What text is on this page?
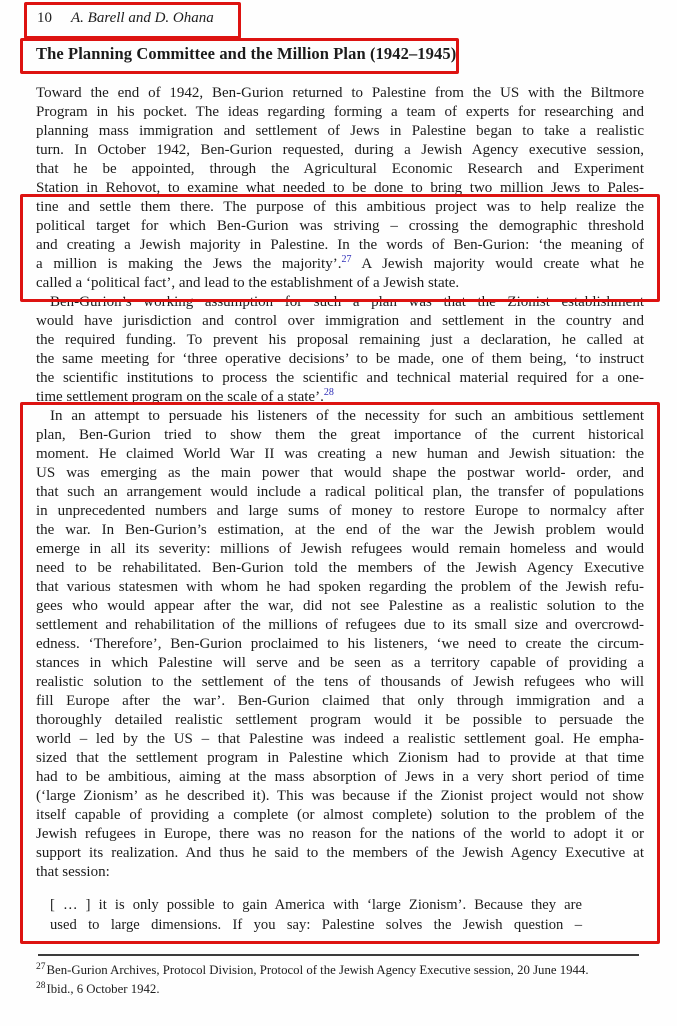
10 A. Barell and D. Ohana
The Planning Committee and the Million Plan (1942–1945)
Toward the end of 1942, Ben-Gurion returned to Palestine from the US with the Biltmore
Program in his pocket. The ideas regarding forming a team of experts for researching and
planning mass immigration and settlement of Jews in Palestine began to take a realistic
turn. In October 1942, Ben-Gurion requested, during a Jewish Agency executive session,
that he be appointed, through the Agricultural Economic Research and Experiment
Station in Rehovot, to examine what needed to be done to bring two million Jews to Pales-
tine and settle them there. The purpose of this ambitious project was to help realize the
political target for which Ben-Gurion was striving – crossing the demographic threshold
and creating a Jewish majority in Palestine. In the words of Ben-Gurion: ‘the meaning of
a million is making the Jews the majority’.$^{27}$ A Jewish majority would create what he
called a ‘political fact’, and lead to the establishment of a Jewish state.
Ben-Gurion’s working assumption for such a plan was that the Zionist establishment
would have jurisdiction and control over immigration and settlement in the country and
the required funding. To prevent his proposal remaining just a declaration, he called at
the same meeting for ‘three operative decisions’ to be made, one of them being, ‘to instruct
the scientific institutions to process the scientific and technical material required for a one-
time settlement program on the scale of a state’.$^{28}$
In an attempt to persuade his listeners of the necessity for such an ambitious settlement
plan, Ben-Gurion tried to show them the great importance of the current historical
moment. He claimed World War II was creating a new human and Jewish situation: the
US was emerging as the main power that would shape the postwar world- order, and
that such an arrangement would include a radical political plan, the transfer of populations
in unprecedented numbers and large sums of money to restore Europe to normalcy after
the war. In Ben-Gurion’s estimation, at the end of the war the Jewish problem would
emerge in all its severity: millions of Jewish refugees would remain homeless and would
need to be rehabilitated. Ben-Gurion told the members of the Jewish Agency Executive
that various statesmen with whom he had spoken regarding the problem of the Jewish refu-
gees who would appear after the war, did not see Palestine as a realistic solution to the
settlement and rehabilitation of the millions of refugees due to its small size and overcrowd-
edness. ‘Therefore’, Ben-Gurion proclaimed to his listeners, ‘we need to create the circum-
stances in which Palestine will serve and be seen as a territory capable of providing a
realistic solution to the settlement of the tens of thousands of Jewish refugees who will
fill Europe after the war’. Ben-Gurion claimed that only through immigration and a
thoroughly detailed realistic settlement program would it be possible to persuade the
world – led by the US – that Palestine was indeed a realistic settlement goal. He empha-
sized that the settlement program in Palestine which Zionism had to provide at that time
had to be ambitious, aiming at the mass absorption of Jews in a very short period of time
(‘large Zionism’ as he described it). This was because if the Zionist project would not show
itself capable of providing a complete (or almost complete) solution to the problem of the
Jewish refugees in Europe, there was no reason for the nations of the world to adopt it or
support its realization. And thus he said to the members of the Jewish Agency Executive at
that session:
[ … ] it is only possible to gain America with ‘large Zionism’. Because they are
used to large dimensions. If you say: Palestine solves the Jewish question –
$^{27}$Ben-Gurion Archives, Protocol Division, Protocol of the Jewish Agency Executive session, 20 June 1944.
$^{28}$Ibid., 6 October 1942.
